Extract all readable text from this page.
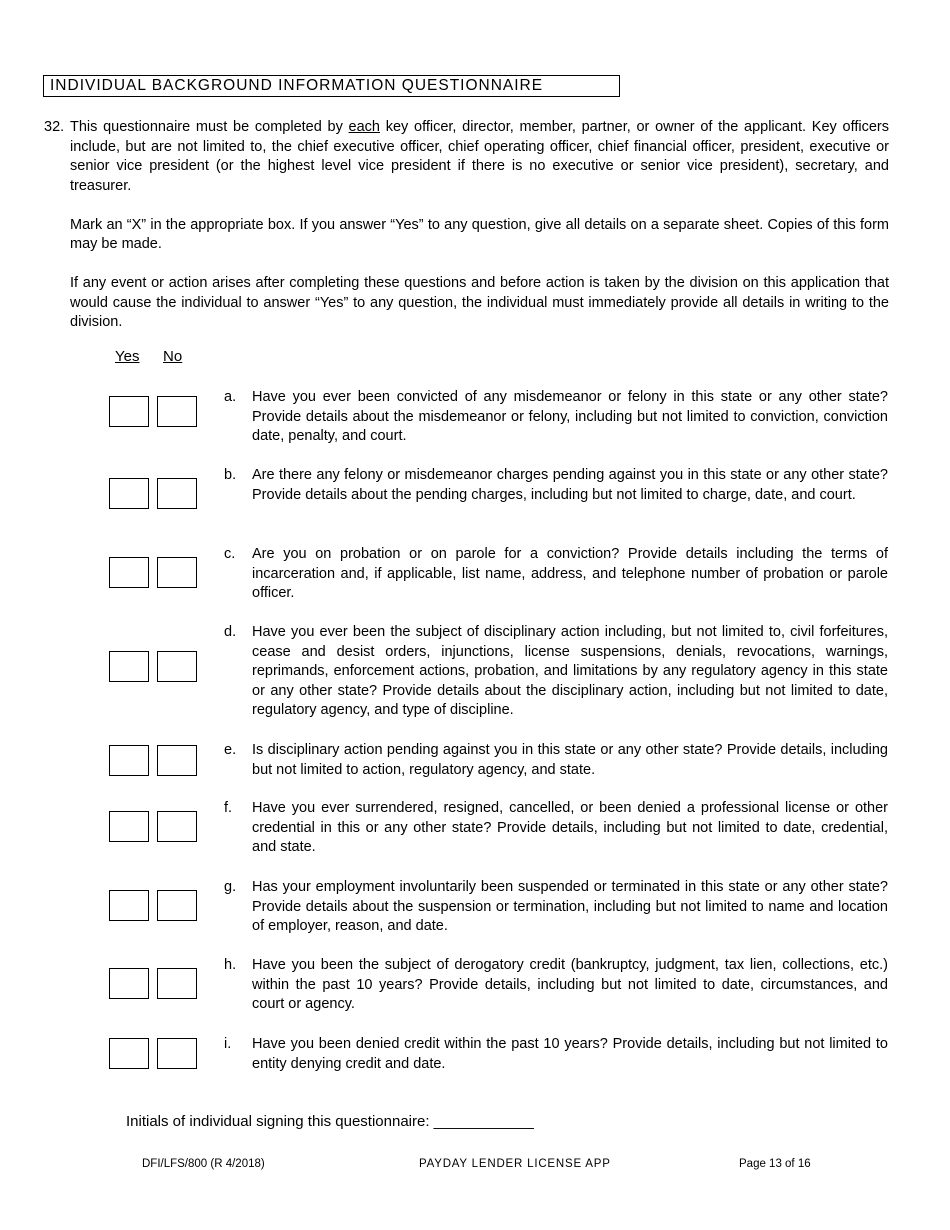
INDIVIDUAL BACKGROUND INFORMATION QUESTIONNAIRE
32. This questionnaire must be completed by each key officer, director, member, partner, or owner of the applicant. Key officers include, but are not limited to, the chief executive officer, chief operating officer, chief financial officer, president, executive or senior vice president (or the highest level vice president if there is no executive or senior vice president), secretary, and treasurer.

Mark an “X” in the appropriate box. If you answer “Yes” to any question, give all details on a separate sheet. Copies of this form may be made.

If any event or action arises after completing these questions and before action is taken by the division on this application that would cause the individual to answer “Yes” to any question, the individual must immediately provide all details in writing to the division.

Yes No
a. Have you ever been convicted of any misdemeanor or felony in this state or any other state? Provide details about the misdemeanor or felony, including but not limited to conviction, conviction date, penalty, and court.
b. Are there any felony or misdemeanor charges pending against you in this state or any other state? Provide details about the pending charges, including but not limited to charge, date, and court.
c. Are you on probation or on parole for a conviction? Provide details including the terms of incarceration and, if applicable, list name, address, and telephone number of probation or parole officer.
d. Have you ever been the subject of disciplinary action including, but not limited to, civil forfeitures, cease and desist orders, injunctions, license suspensions, denials, revocations, warnings, reprimands, enforcement actions, probation, and limitations by any regulatory agency in this state or any other state? Provide details about the disciplinary action, including but not limited to date, regulatory agency, and type of discipline.
e. Is disciplinary action pending against you in this state or any other state? Provide details, including but not limited to action, regulatory agency, and state.
f. Have you ever surrendered, resigned, cancelled, or been denied a professional license or other credential in this or any other state? Provide details, including but not limited to date, credential, and state.
g. Has your employment involuntarily been suspended or terminated in this state or any other state? Provide details about the suspension or termination, including but not limited to name and location of employer, reason, and date.
h. Have you been the subject of derogatory credit (bankruptcy, judgment, tax lien, collections, etc.) within the past 10 years? Provide details, including but not limited to date, circumstances, and court or agency.
i. Have you been denied credit within the past 10 years? Provide details, including but not limited to entity denying credit and date.
Initials of individual signing this questionnaire: ____________
DFI/LFS/800 (R 4/2018)	PAYDAY LENDER LICENSE APP	Page 13 of 16
